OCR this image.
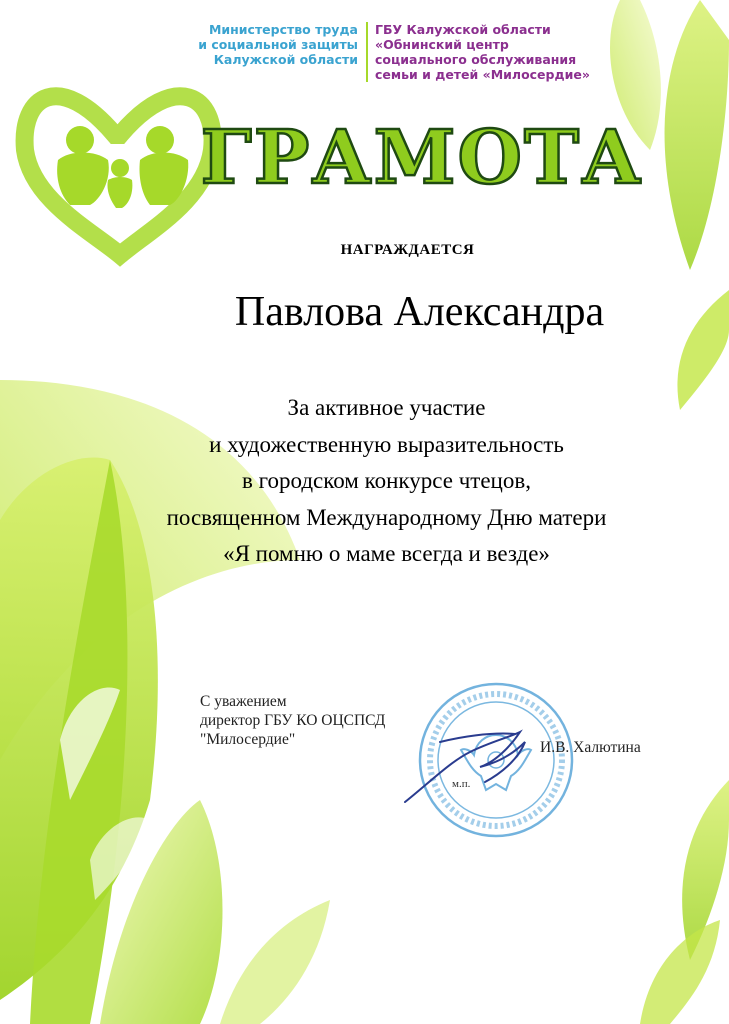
Министерство труда
и социальной защиты
Калужской области
ГБУ Калужской области
«Обнинский центр
социального обслуживания
семьи и детей «Милосердие»
ГРАМОТА
НАГРАЖДАЕТСЯ
Павлова Александра
За активное участие
и художественную выразительность
в городском конкурсе чтецов,
посвященном Международному Дню матери
«Я помню о маме всегда и везде»
С уважением
директор ГБУ КО ОЦСПСД
"Милосердие"
м.п.
И.В. Халютина
